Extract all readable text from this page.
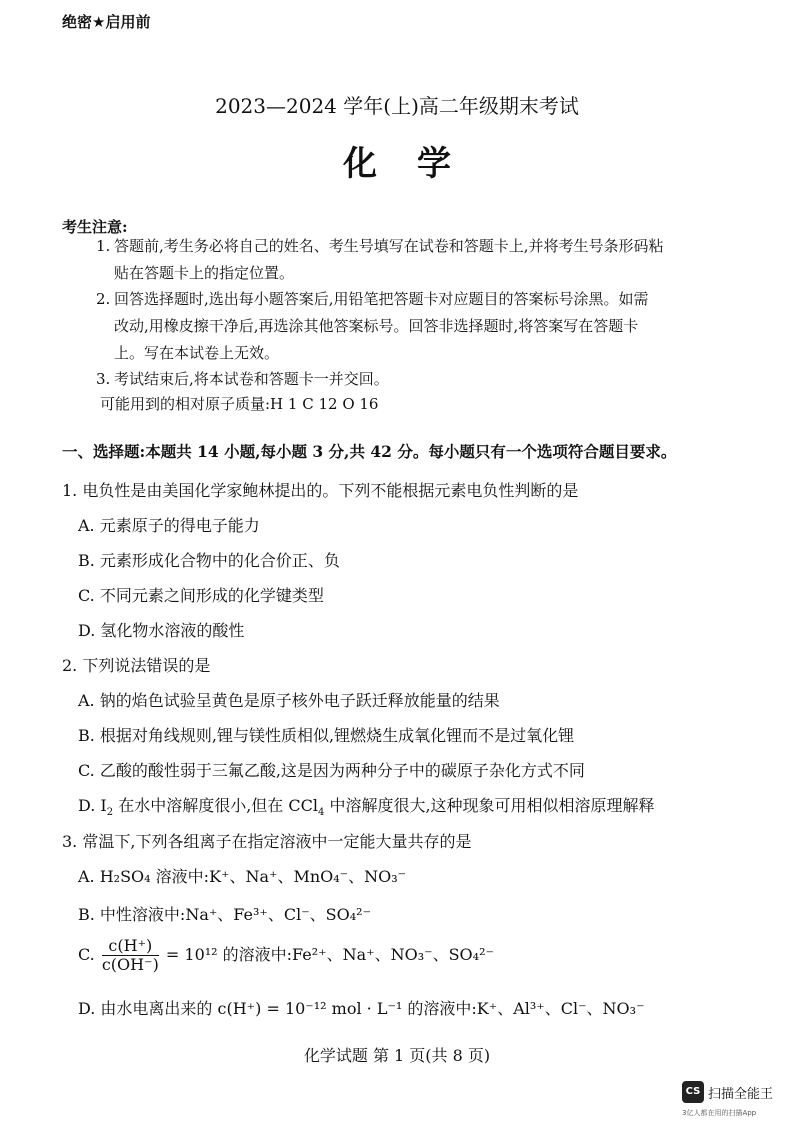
绝密★启用前
2023—2024 学年(上)高二年级期末考试
化学
考生注意:
1. 答题前,考生务必将自己的姓名、考生号填写在试卷和答题卡上,并将考生号条形码粘
贴在答题卡上的指定位置。
2. 回答选择题时,选出每小题答案后,用铅笔把答题卡对应题目的答案标号涂黑。如需
改动,用橡皮擦干净后,再选涂其他答案标号。回答非选择题时,将答案写在答题卡
上。写在本试卷上无效。
3. 考试结束后,将本试卷和答题卡一并交回。
可能用到的相对原子质量:H 1 C 12 O 16
一、选择题:本题共 14 小题,每小题 3 分,共 42 分。每小题只有一个选项符合题目要求。
1. 电负性是由美国化学家鲍林提出的。下列不能根据元素电负性判断的是
A. 元素原子的得电子能力
B. 元素形成化合物中的化合价正、负
C. 不同元素之间形成的化学键类型
D. 氢化物水溶液的酸性
2. 下列说法错误的是
A. 钠的焰色试验呈黄色是原子核外电子跃迁释放能量的结果
B. 根据对角线规则,锂与镁性质相似,锂燃烧生成氧化锂而不是过氧化锂
C. 乙酸的酸性弱于三氟乙酸,这是因为两种分子中的碳原子杂化方式不同
D. $I_2$ 在水中溶解度很小,但在 CCl$_4$ 中溶解度很大,这种现象可用相似相溶原理解释
3. 常温下,下列各组离子在指定溶液中一定能大量共存的是
A. H₂SO₄ 溶液中:K⁺、Na⁺、MnO₄⁻、NO₃⁻
B. 中性溶液中:Na⁺、Fe³⁺、Cl⁻、SO₄²⁻
C. $\frac{c(H^+)}{c(OH^-)} = 10^{12}$ 的溶液中:Fe²⁺、Na⁺、NO₃⁻、SO₄²⁻
D. 由水电离出来的 c(H⁺) = 10⁻¹² mol · L⁻¹ 的溶液中:K⁺、Al³⁺、Cl⁻、NO₃⁻
化学试题 第 1 页(共 8 页)
CS 扫描全能王
3亿人都在用的扫描App
